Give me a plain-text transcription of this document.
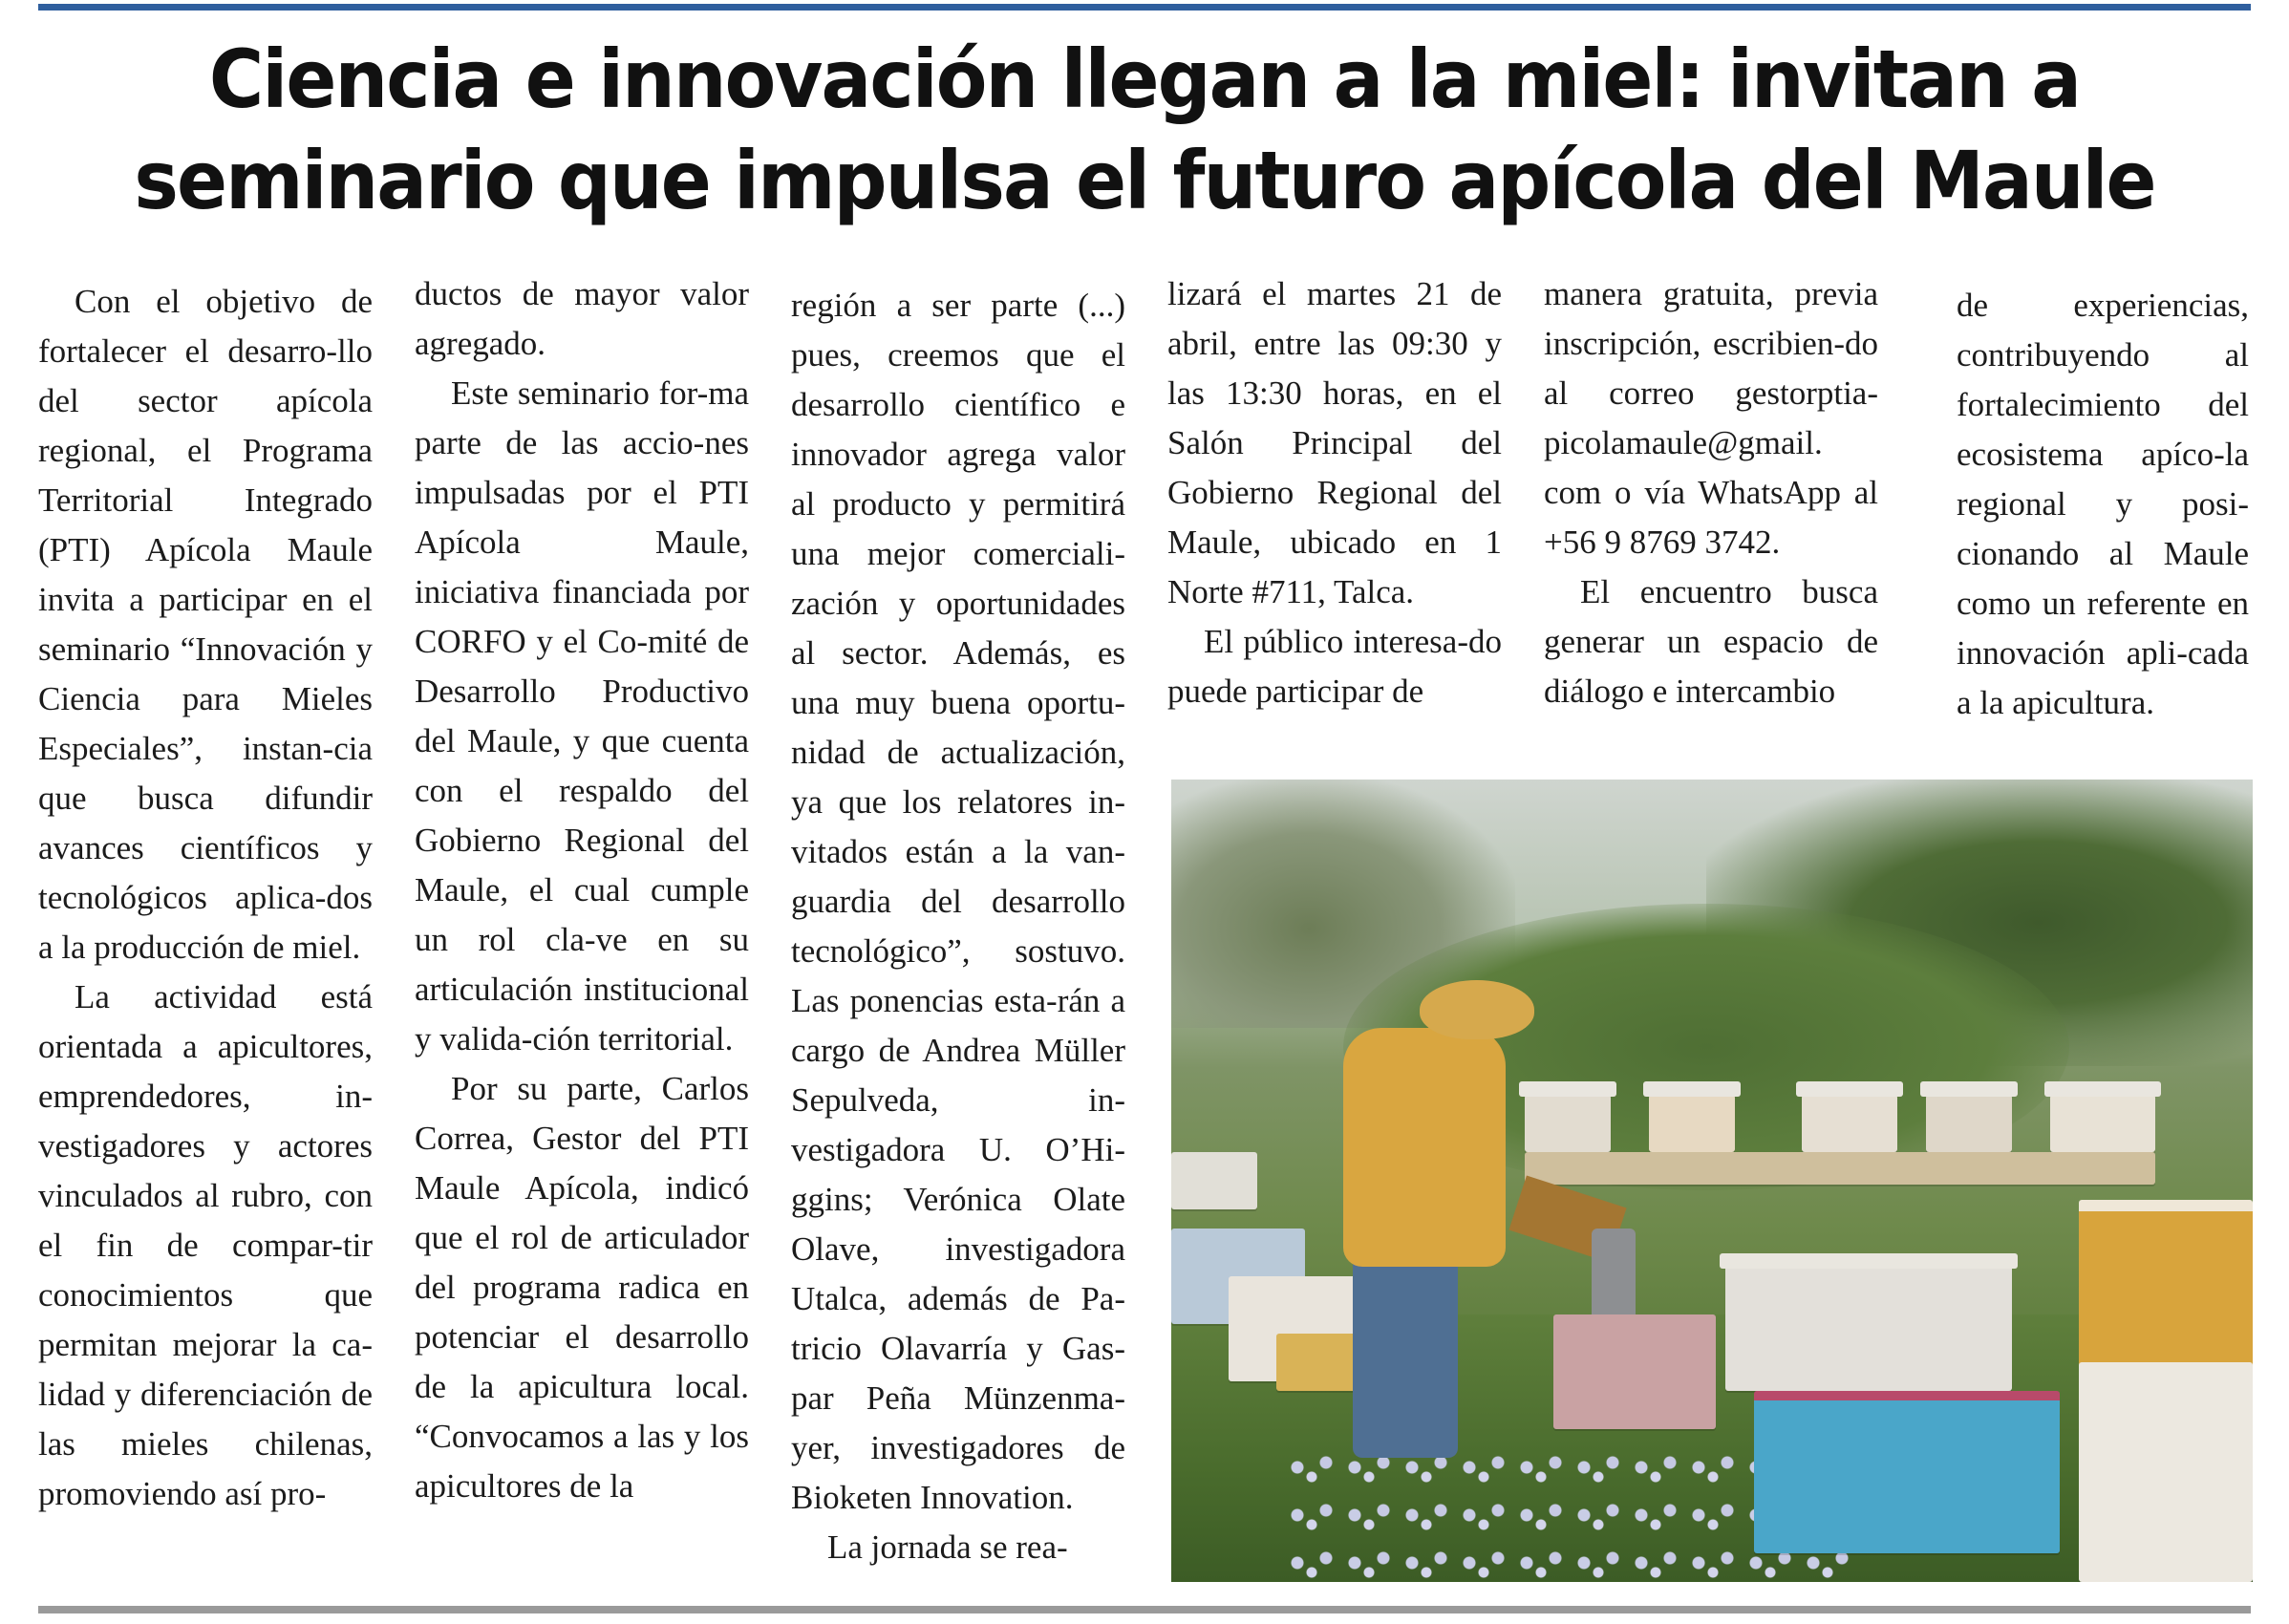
Ciencia e innovación llegan a la miel: invitan a
seminario que impulsa el futuro apícola del Maule

Con el objetivo de fortalecer el desarro-llo del sector apícola regional, el Programa Territorial Integrado (PTI) Apícola Maule invita a participar en el seminario “Innovación y Ciencia para Mieles Especiales”, instan-cia que busca difundir avances científicos y tecnológicos aplica-dos a la producción de miel.

La actividad está orientada a apicultores, emprendedores, in-vestigadores y actores vinculados al rubro, con el fin de compar-tir conocimientos que permitan mejorar la ca-lidad y diferenciación de las mieles chilenas, promoviendo así pro-

ductos de mayor valor agregado.

Este seminario for-ma parte de las accio-nes impulsadas por el PTI Apícola Maule, iniciativa financiada por CORFO y el Co-mité de Desarrollo Productivo del Maule, y que cuenta con el respaldo del Gobierno Regional del Maule, el cual cumple un rol cla-ve en su articulación institucional y valida-ción territorial.

Por su parte, Carlos Correa, Gestor del PTI Maule Apícola, indicó que el rol de articulador del programa radica en potenciar el desarrollo de la apicultura local. “Convocamos a las y los apicultores de la

región a ser parte (...) pues, creemos que el desarrollo científico e innovador agrega valor al producto y permitirá una mejor comerciali-zación y oportunidades al sector. Además, es una muy buena oportu-nidad de actualización, ya que los relatores in-vitados están a la van-guardia del desarrollo tecnológico”, sostuvo. Las ponencias esta-rán a cargo de Andrea Müller Sepulveda, in-vestigadora U. O’Hi-ggins; Verónica Olate Olave, investigadora Utalca, además de Pa-tricio Olavarría y Gas-par Peña Münzenma-yer, investigadores de Bioketen Innovation.

La jornada se rea-

lizará el martes 21 de abril, entre las 09:30 y las 13:30 horas, en el Salón Principal del Gobierno Regional del Maule, ubicado en 1 Norte #711, Talca.

El público interesa-do puede participar de

manera gratuita, previa inscripción, escribien-do al correo gestorptia-picolamaule@gmail. com o vía WhatsApp al +56 9 8769 3742.

El encuentro busca generar un espacio de diálogo e intercambio

de experiencias, contribuyendo al fortalecimiento del ecosistema apíco-la regional y posi-cionando al Maule como un referente en innovación apli-cada a la apicultura.
